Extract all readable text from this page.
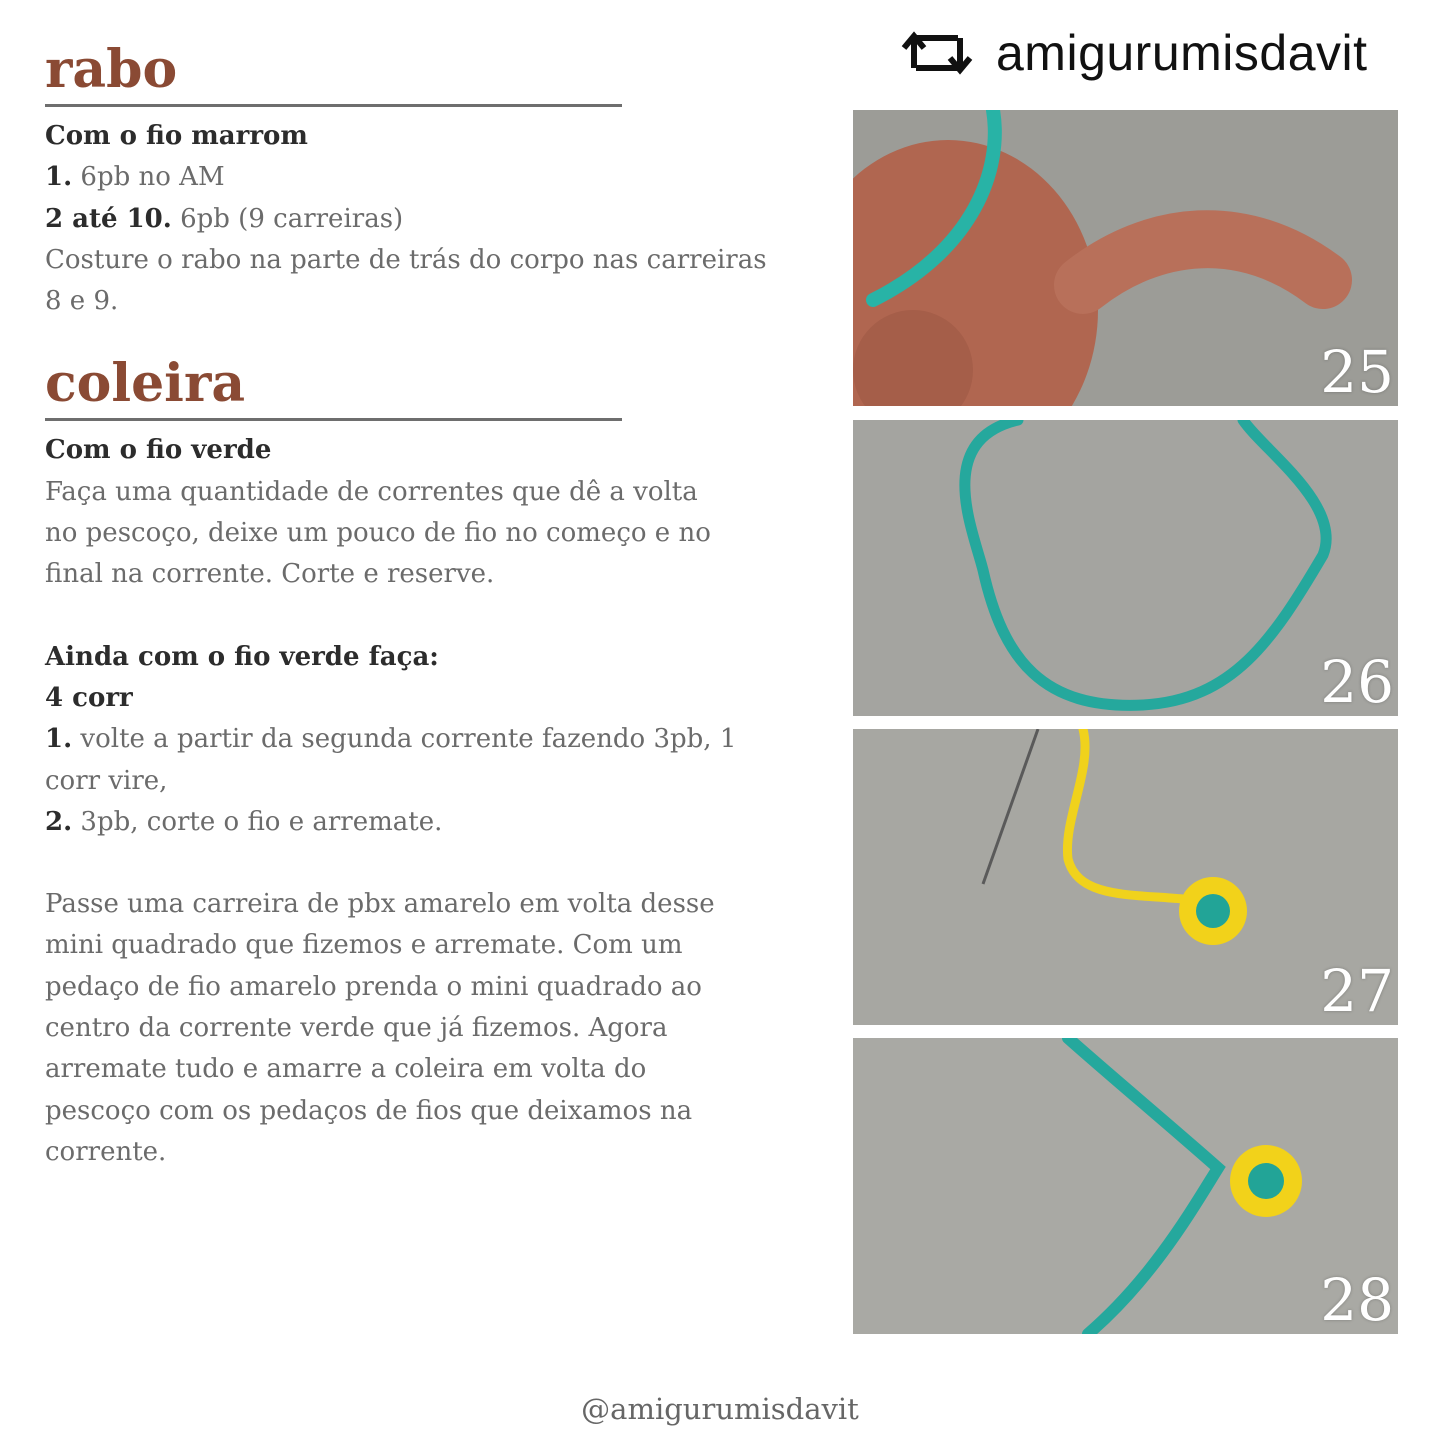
amigurumisdavit
rabo

Com o fio marrom

1. 6pb no AM

2 até 10. 6pb (9 carreiras)

Costure o rabo na parte de trás do corpo nas carreiras

8 e 9.

coleira

Com o fio verde

Faça uma quantidade de correntes que dê a volta

no pescoço, deixe um pouco de fio no começo e no

final na corrente. Corte e reserve.

Ainda com o fio verde faça:

4 corr

1. volte a partir da segunda corrente fazendo 3pb, 1

corr vire,

2. 3pb, corte o fio e arremate.

Passe uma carreira de pbx amarelo em volta desse

mini quadrado que fizemos e arremate. Com um

pedaço de fio amarelo prenda o mini quadrado ao

centro da corrente verde que já fizemos. Agora

arremate tudo e amarre a coleira em volta do

pescoço com os pedaços de fios que deixamos na

corrente.

25
26
27
28
@amigurumisdavit
